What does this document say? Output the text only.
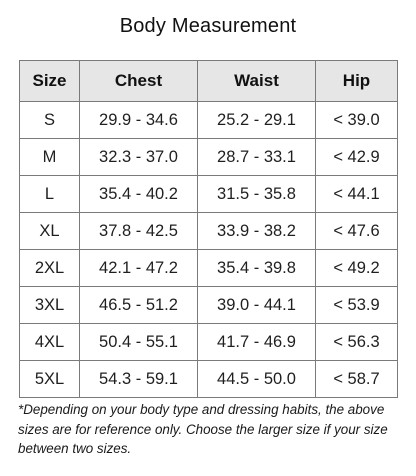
Body Measurement
Size	Chest	Waist	Hip
S	29.9 - 34.6	25.2 - 29.1	< 39.0
M	32.3 - 37.0	28.7 - 33.1	< 42.9
L	35.4 - 40.2	31.5 - 35.8	< 44.1
XL	37.8 - 42.5	33.9 - 38.2	< 47.6
2XL	42.1 - 47.2	35.4 - 39.8	< 49.2
3XL	46.5 - 51.2	39.0 - 44.1	< 53.9
4XL	50.4 - 55.1	41.7 - 46.9	< 56.3
5XL	54.3 - 59.1	44.5 - 50.0	< 58.7
*Depending on your body type and dressing habits, the above sizes are for reference only. Choose the larger size if your size between two sizes.
